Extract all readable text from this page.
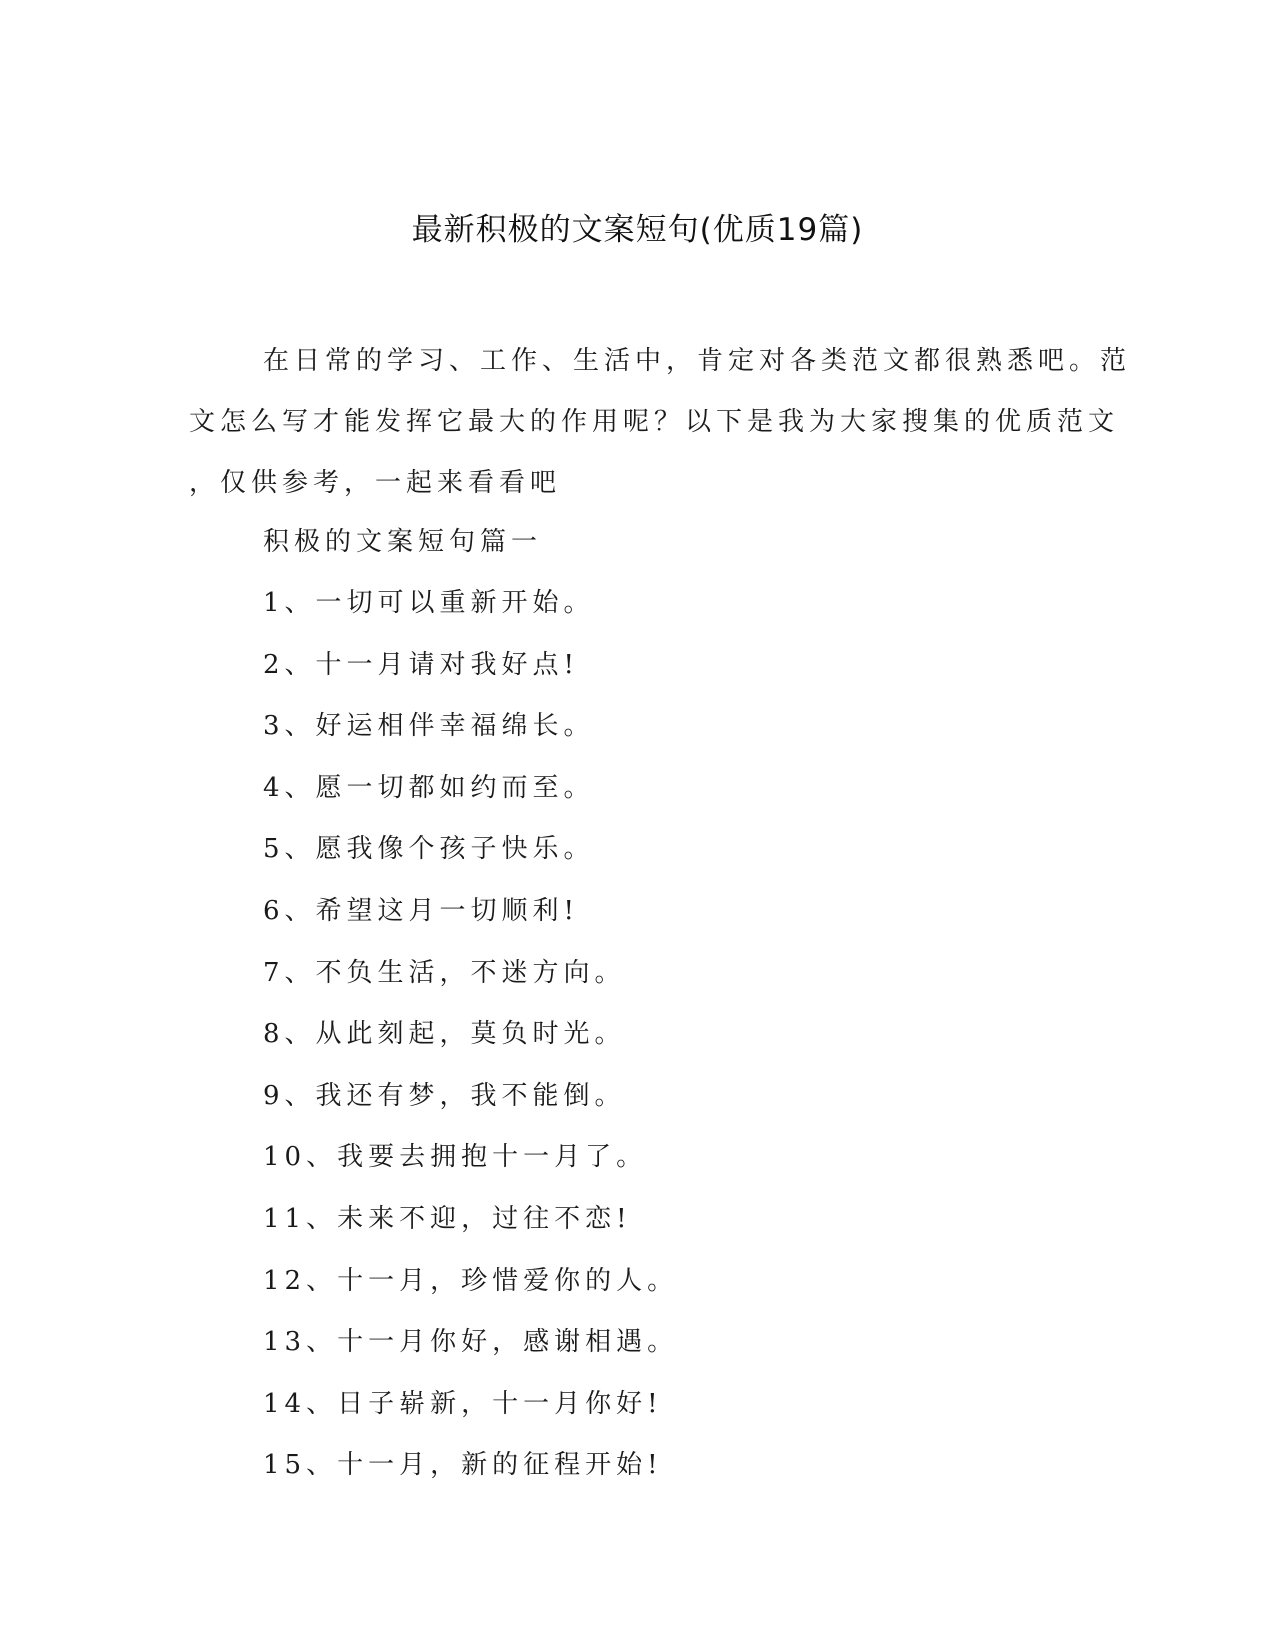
最新积极的文案短句(优质19篇)
在日常的学习、工作、生活中，肯定对各类范文都很熟悉吧。范
文怎么写才能发挥它最大的作用呢？以下是我为大家搜集的优质范文
，仅供参考，一起来看看吧
积极的文案短句篇一
1、一切可以重新开始。
2、十一月请对我好点!
3、好运相伴幸福绵长。
4、愿一切都如约而至。
5、愿我像个孩子快乐。
6、希望这月一切顺利!
7、不负生活，不迷方向。
8、从此刻起，莫负时光。
9、我还有梦，我不能倒。
10、我要去拥抱十一月了。
11、未来不迎，过往不恋!
12、十一月，珍惜爱你的人。
13、十一月你好，感谢相遇。
14、日子崭新，十一月你好!
15、十一月，新的征程开始!
